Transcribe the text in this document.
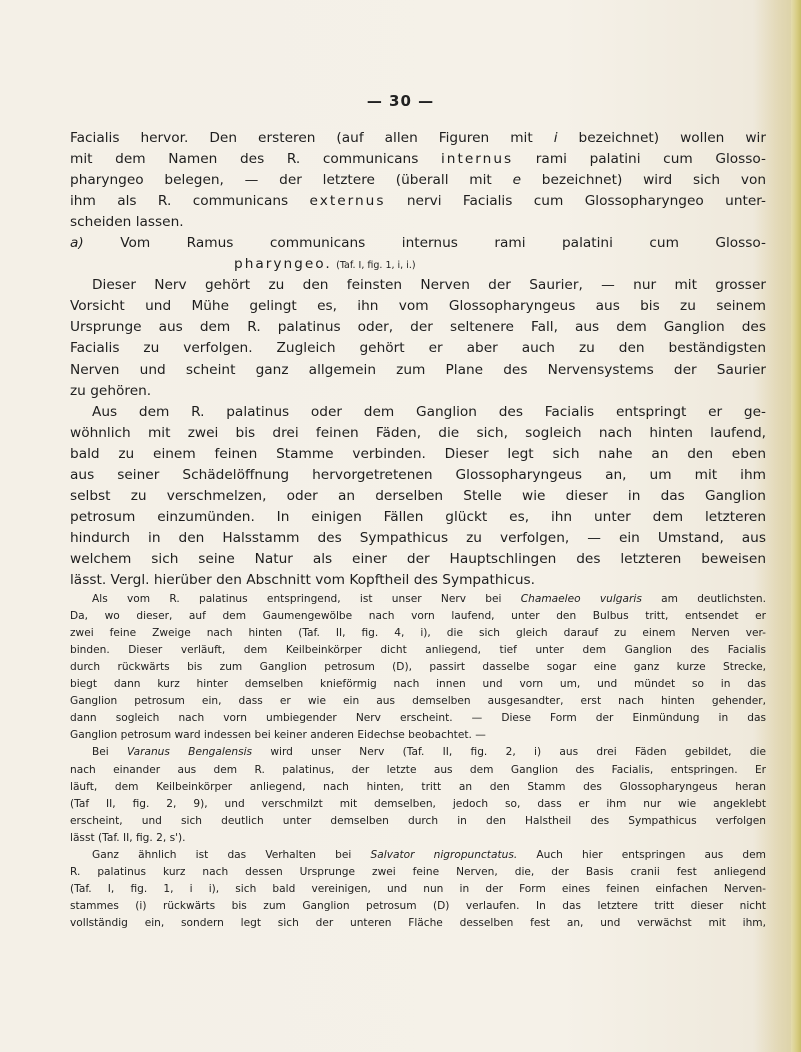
— 30 —
Facialis hervor. Den ersteren (auf allen Figuren mit i bezeichnet) wollen wir
mit dem Namen des R. communicans internus rami palatini cum Glosso-
pharyngeo belegen, — der letztere (überall mit e bezeichnet) wird sich von
ihm als R. communicans externus nervi Facialis cum Glossopharyngeo unter-
scheiden lassen.
a) Vom Ramus communicans internus rami palatini cum Glosso-
pharyngeo. (Taf. I, fig. 1, i, i.)
Dieser Nerv gehört zu den feinsten Nerven der Saurier, — nur mit grosser
Vorsicht und Mühe gelingt es, ihn vom Glossopharyngeus aus bis zu seinem
Ursprunge aus dem R. palatinus oder, der seltenere Fall, aus dem Ganglion des
Facialis zu verfolgen. Zugleich gehört er aber auch zu den beständigsten
Nerven und scheint ganz allgemein zum Plane des Nervensystems der Saurier
zu gehören.
Aus dem R. palatinus oder dem Ganglion des Facialis entspringt er ge-
wöhnlich mit zwei bis drei feinen Fäden, die sich, sogleich nach hinten laufend,
bald zu einem feinen Stamme verbinden. Dieser legt sich nahe an den eben
aus seiner Schädelöffnung hervorgetretenen Glossopharyngeus an, um mit ihm
selbst zu verschmelzen, oder an derselben Stelle wie dieser in das Ganglion
petrosum einzumünden. In einigen Fällen glückt es, ihn unter dem letzteren
hindurch in den Halsstamm des Sympathicus zu verfolgen, — ein Umstand, aus
welchem sich seine Natur als einer der Hauptschlingen des letzteren beweisen
lässt. Vergl. hierüber den Abschnitt vom Kopftheil des Sympathicus.
Als vom R. palatinus entspringend, ist unser Nerv bei Chamaeleo vulgaris am deutlichsten.
Da, wo dieser, auf dem Gaumengewölbe nach vorn laufend, unter den Bulbus tritt, entsendet er
zwei feine Zweige nach hinten (Taf. II, fig. 4, i), die sich gleich darauf zu einem Nerven ver-
binden. Dieser verläuft, dem Keilbeinkörper dicht anliegend, tief unter dem Ganglion des Facialis
durch rückwärts bis zum Ganglion petrosum (D), passirt dasselbe sogar eine ganz kurze Strecke,
biegt dann kurz hinter demselben knieförmig nach innen und vorn um, und mündet so in das
Ganglion petrosum ein, dass er wie ein aus demselben ausgesandter, erst nach hinten gehender,
dann sogleich nach vorn umbiegender Nerv erscheint. — Diese Form der Einmündung in das
Ganglion petrosum ward indessen bei keiner anderen Eidechse beobachtet. —
Bei Varanus Bengalensis wird unser Nerv (Taf. II, fig. 2, i) aus drei Fäden gebildet, die
nach einander aus dem R. palatinus, der letzte aus dem Ganglion des Facialis, entspringen. Er
läuft, dem Keilbeinkörper anliegend, nach hinten, tritt an den Stamm des Glossopharyngeus heran
(Taf II, fig. 2, 9), und verschmilzt mit demselben, jedoch so, dass er ihm nur wie angeklebt
erscheint, und sich deutlich unter demselben durch in den Halstheil des Sympathicus verfolgen
lässt (Taf. II, fig. 2, s').
Ganz ähnlich ist das Verhalten bei Salvator nigropunctatus. Auch hier entspringen aus dem
R. palatinus kurz nach dessen Ursprunge zwei feine Nerven, die, der Basis cranii fest anliegend
(Taf. I, fig. 1, i i), sich bald vereinigen, und nun in der Form eines feinen einfachen Nerven-
stammes (i) rückwärts bis zum Ganglion petrosum (D) verlaufen. In das letztere tritt dieser nicht
vollständig ein, sondern legt sich der unteren Fläche desselben fest an, und verwächst mit ihm,
